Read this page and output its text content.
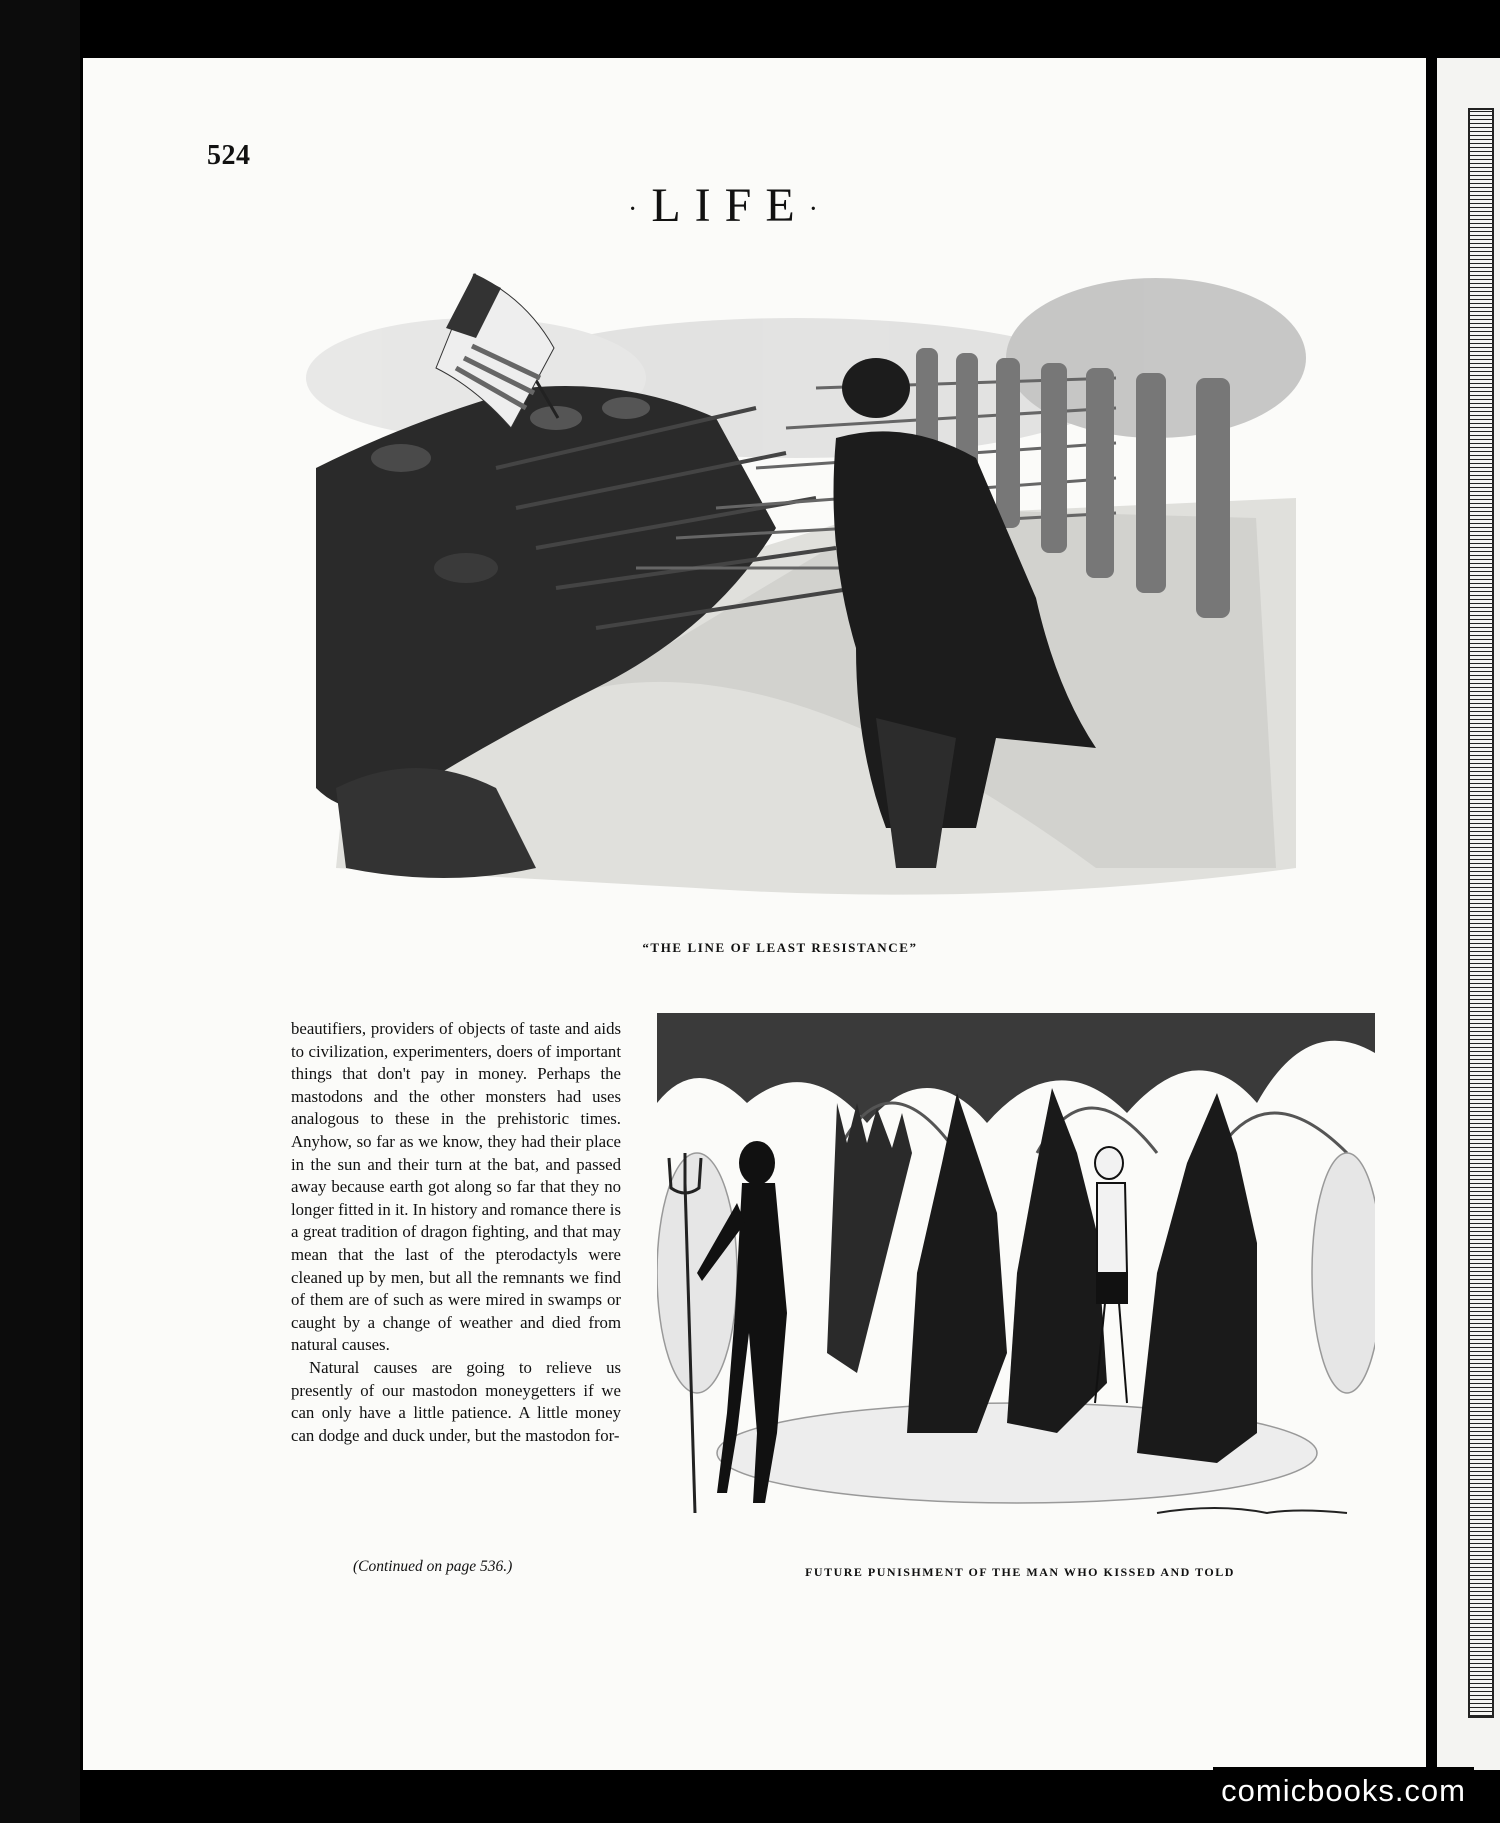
524
·LIFE·
“THE LINE OF LEAST RESISTANCE”
FUTURE PUNISHMENT OF THE MAN WHO KISSED AND TOLD

beautifiers, providers of objects of taste and aids to civilization, experimenters, doers of important things that don't pay in money. Perhaps the mastodons and the other monsters had uses analogous to these in the prehistoric times. Anyhow, so far as we know, they had their place in the sun and their turn at the bat, and passed away because earth got along so far that they no longer fitted in it. In history and romance there is a great tradition of dragon fighting, and that may mean that the last of the pterodactyls were cleaned up by men, but all the remnants we find of them are of such as were mired in swamps or caught by a change of weather and died from natural causes.

Natural causes are going to relieve us presently of our mastodon moneygetters if we can only have a little patience. A little money can dodge and duck under, but the mastodon for-

(Continued on page 536.)
comicbooks.com
